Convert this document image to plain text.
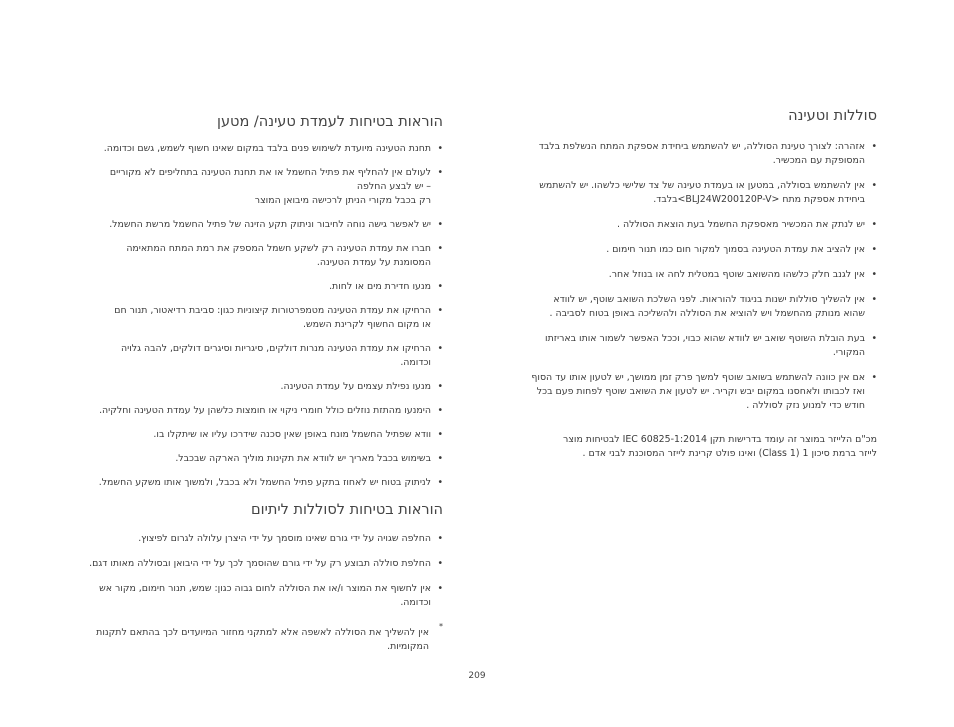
סוללות וטעינה
•
אזהרה: לצורך טעינת הסוללה, יש להשתמש ביחידת אספקת המתח הנשלפת בלבד
המסופקת עם המכשיר.
•
אין להשתמש בסוללה, במטען או בעמדת טעינה של צד שלישי כלשהו. יש להשתמש
ביחידת אספקת מתח <BLJ24W200120P-V>בלבד.
•
יש לנתק את המכשיר מאספקת החשמל בעת הוצאת הסוללה .
•
אין להציב את עמדת הטעינה בסמוך למקור חום כמו תנור חימום .
•
אין לגנב חלק כלשהו מהשואב שוטף במטלית לחה או בנוזל אחר.
•
אין להשליך סוללות ישנות בניגוד להוראות. לפני השלכת השואב שוטף, יש לוודא
שהוא מנותק מהחשמל ויש להוציא את הסוללה ולהשליכה באופן בטוח לסביבה .
•
בעת הובלת השוטף שואב יש לוודא שהוא כבוי, וככל האפשר לשמור אותו באריזתו
המקורי.
•
אם אין כוונה להשתמש בשואב שוטף למשך פרק זמן ממושך, יש לטעון אותו עד הסוף
ואז לכבותו ולאחסנו במקום יבש וקריר. יש לטעון את השואב שוטף לפחות פעם בכל
חודש כדי למנוע נזק לסוללה .
מכ"ם הלייזר במוצר זה עומד בדרישות תקן IEC 60825-1:2014 לבטיחות מוצר
לייזר ברמת סיכון 1 (Class 1) ואינו פולט קרינת לייזר המסוכנת לבני אדם .
הוראות בטיחות לעמדת טעינה/ מטען
•
תחנת הטעינה מיועדת לשימוש פנים בלבד במקום שאינו חשוף לשמש, גשם וכדומה.
•
לעולם אין להחליף את פתיל החשמל או את תחנת הטעינה בתחליפים לא מקוריים
– יש לבצע החלפה
רק בכבל מקורי הניתן לרכישה מיבואן המוצר
•
יש לאפשר גישה נוחה לחיבור וניתוק תקע הזינה של פתיל החשמל מרשת החשמל.
•
חברו את עמדת הטעינה רק לשקע חשמל המספק את רמת המתח המתאימה
המסומנת על עמדת הטעינה.
•
מנעו חדירת מים או לחות.
•
הרחיקו את עמדת הטעינה מטמפרטורות קיצוניות כגון: סביבת רדיאטור, תנור חם
או מקום החשוף לקרינת השמש.
•
הרחיקו את עמדת הטעינה מנרות דולקים, סיגריות וסיגרים דולקים, להבה גלויה
וכדומה.
•
מנעו נפילת עצמים על עמדת הטעינה.
•
הימנעו מהתזת נוזלים כולל חומרי ניקוי או חומצות כלשהן על עמדת הטעינה וחלקיה.
•
וודא שפתיל החשמל מונח באופן שאין סכנה שידרכו עליו או שיתקלו בו.
•
בשימוש בכבל מאריך יש לוודא את תקינות מוליך הארקה שבכבל.
•
לניתוק בטוח יש לאחוז בתקע פתיל החשמל ולא בכבל, ולמשוך אותו משקע החשמל.
הוראות בטיחות לסוללות ליתיום
•
החלפה שגויה על ידי גורם שאינו מוסמך על ידי היצרן עלולה לגרום לפיצוץ.
•
החלפת סוללה תבוצע רק על ידי גורם שהוסמך לכך על ידי היבואן ובסוללה מאותו דגם.
•
אין לחשוף את המוצר ו/או את הסוללה לחום גבוה כגון: שמש, תנור חימום, מקור אש
וכדומה.
*
אין להשליך את הסוללה לאשפה אלא למתקני מחזור המיועדים לכך בהתאם לתקנות
המקומיות.
209
